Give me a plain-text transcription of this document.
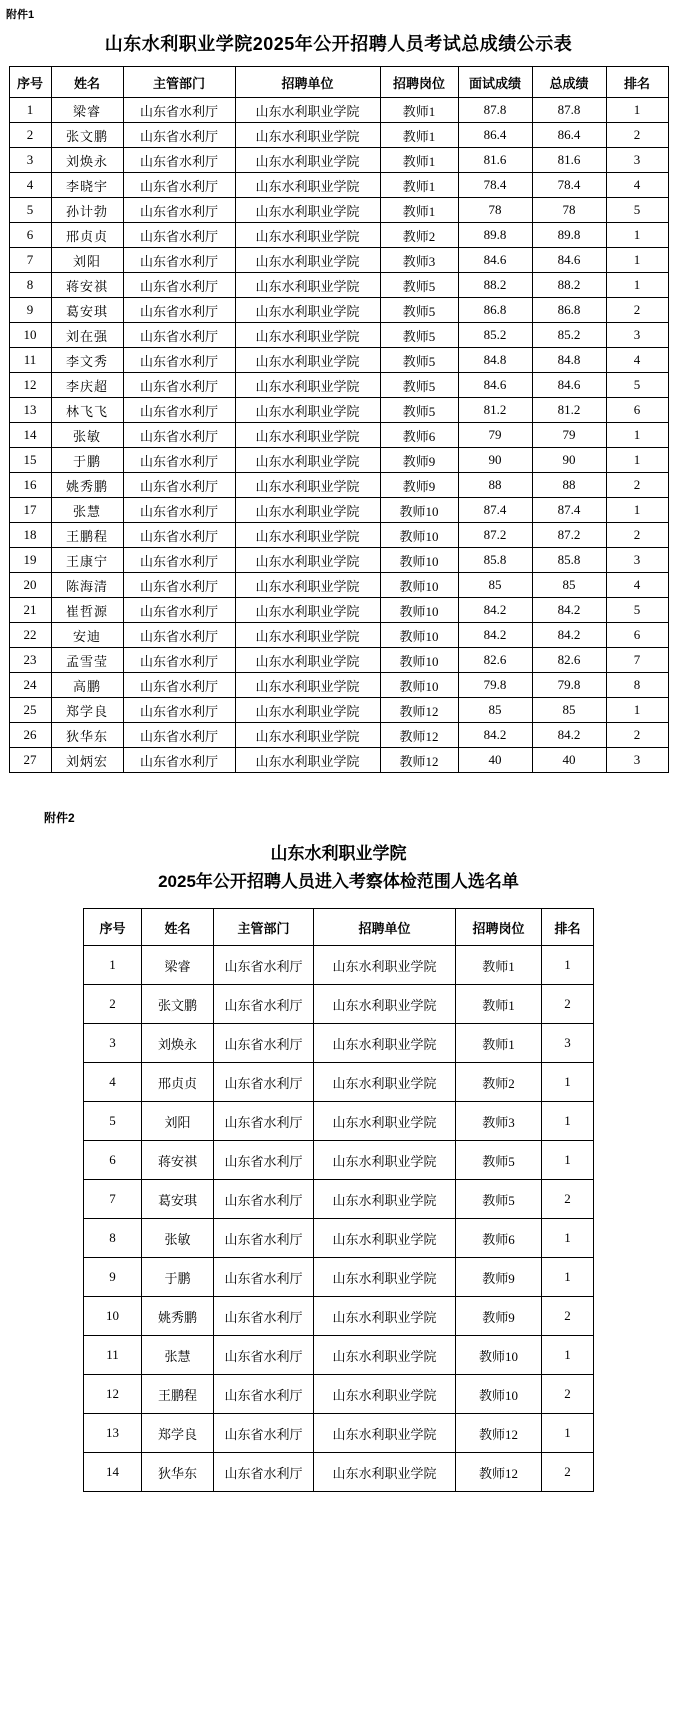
附件1
山东水利职业学院2025年公开招聘人员考试总成绩公示表
序号	姓名	主管部门	招聘单位	招聘岗位	面试成绩	总成绩	排名
1	梁睿	山东省水利厅	山东水利职业学院	教师1	87.8	87.8	1
2	张文鹏	山东省水利厅	山东水利职业学院	教师1	86.4	86.4	2
3	刘焕永	山东省水利厅	山东水利职业学院	教师1	81.6	81.6	3
4	李晓宇	山东省水利厅	山东水利职业学院	教师1	78.4	78.4	4
5	孙计勃	山东省水利厅	山东水利职业学院	教师1	78	78	5
6	邢贞贞	山东省水利厅	山东水利职业学院	教师2	89.8	89.8	1
7	刘阳	山东省水利厅	山东水利职业学院	教师3	84.6	84.6	1
8	蒋安祺	山东省水利厅	山东水利职业学院	教师5	88.2	88.2	1
9	葛安琪	山东省水利厅	山东水利职业学院	教师5	86.8	86.8	2
10	刘在强	山东省水利厅	山东水利职业学院	教师5	85.2	85.2	3
11	李文秀	山东省水利厅	山东水利职业学院	教师5	84.8	84.8	4
12	李庆超	山东省水利厅	山东水利职业学院	教师5	84.6	84.6	5
13	林飞飞	山东省水利厅	山东水利职业学院	教师5	81.2	81.2	6
14	张敏	山东省水利厅	山东水利职业学院	教师6	79	79	1
15	于鹏	山东省水利厅	山东水利职业学院	教师9	90	90	1
16	姚秀鹏	山东省水利厅	山东水利职业学院	教师9	88	88	2
17	张慧	山东省水利厅	山东水利职业学院	教师10	87.4	87.4	1
18	王鹏程	山东省水利厅	山东水利职业学院	教师10	87.2	87.2	2
19	王康宁	山东省水利厅	山东水利职业学院	教师10	85.8	85.8	3
20	陈海清	山东省水利厅	山东水利职业学院	教师10	85	85	4
21	崔哲源	山东省水利厅	山东水利职业学院	教师10	84.2	84.2	5
22	安迪	山东省水利厅	山东水利职业学院	教师10	84.2	84.2	6
23	孟雪莹	山东省水利厅	山东水利职业学院	教师10	82.6	82.6	7
24	高鹏	山东省水利厅	山东水利职业学院	教师10	79.8	79.8	8
25	郑学良	山东省水利厅	山东水利职业学院	教师12	85	85	1
26	狄华东	山东省水利厅	山东水利职业学院	教师12	84.2	84.2	2
27	刘炳宏	山东省水利厅	山东水利职业学院	教师12	40	40	3
附件2
山东水利职业学院
2025年公开招聘人员进入考察体检范围人选名单
序号	姓名	主管部门	招聘单位	招聘岗位	排名
1	梁睿	山东省水利厅	山东水利职业学院	教师1	1
2	张文鹏	山东省水利厅	山东水利职业学院	教师1	2
3	刘焕永	山东省水利厅	山东水利职业学院	教师1	3
4	邢贞贞	山东省水利厅	山东水利职业学院	教师2	1
5	刘阳	山东省水利厅	山东水利职业学院	教师3	1
6	蒋安祺	山东省水利厅	山东水利职业学院	教师5	1
7	葛安琪	山东省水利厅	山东水利职业学院	教师5	2
8	张敏	山东省水利厅	山东水利职业学院	教师6	1
9	于鹏	山东省水利厅	山东水利职业学院	教师9	1
10	姚秀鹏	山东省水利厅	山东水利职业学院	教师9	2
11	张慧	山东省水利厅	山东水利职业学院	教师10	1
12	王鹏程	山东省水利厅	山东水利职业学院	教师10	2
13	郑学良	山东省水利厅	山东水利职业学院	教师12	1
14	狄华东	山东省水利厅	山东水利职业学院	教师12	2
